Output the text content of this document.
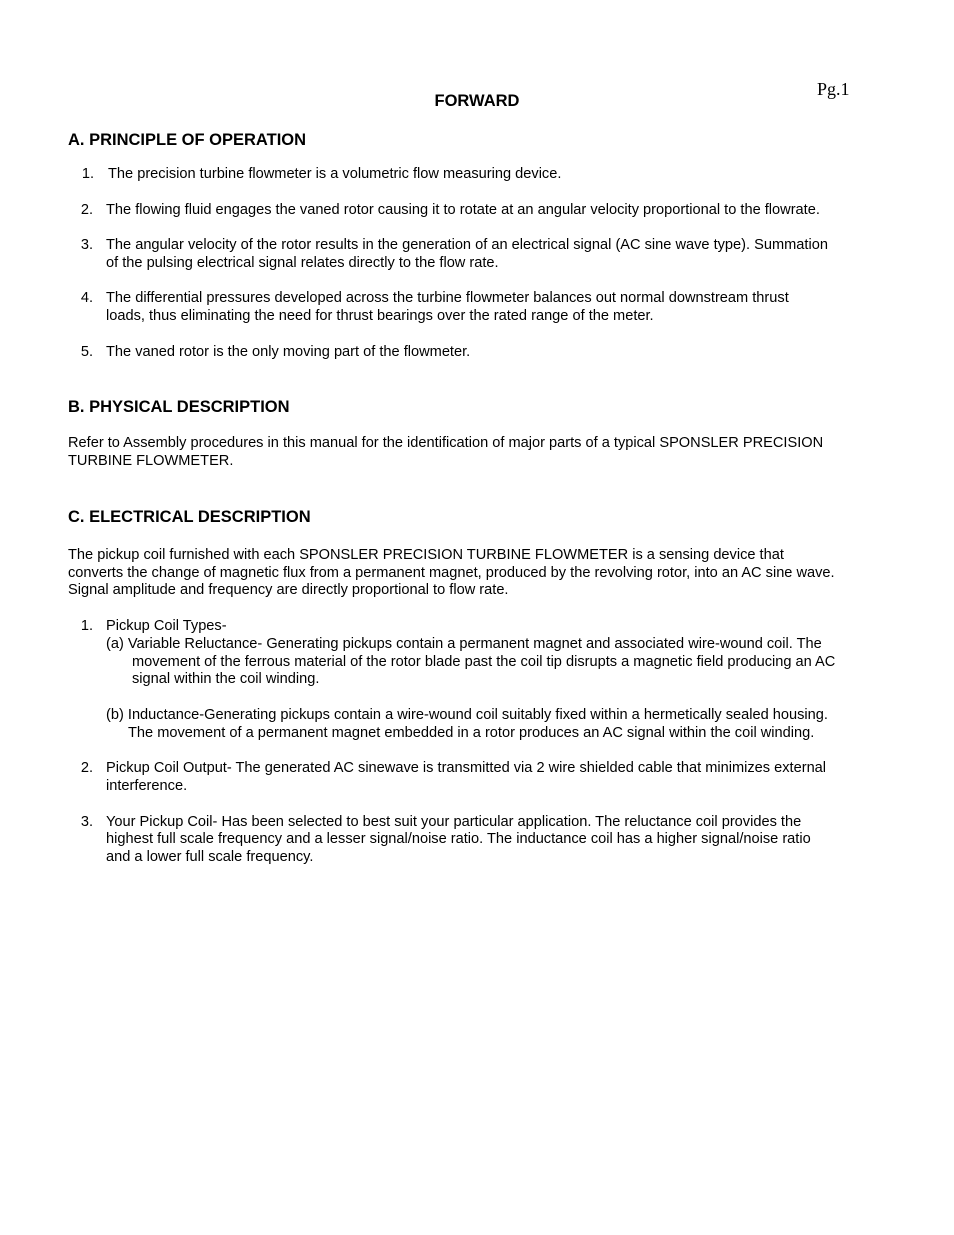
Pg.1
FORWARD
A. PRINCIPLE OF OPERATION
1. The precision turbine flowmeter is a volumetric flow measuring device.
2. The flowing fluid engages the vaned rotor causing it to rotate at an angular velocity proportional to the flowrate.
3. The angular velocity of the rotor results in the generation of an electrical signal (AC sine wave type). Summation
of the pulsing electrical signal relates directly to the flow rate.
4. The differential pressures developed across the turbine flowmeter balances out normal downstream thrust
loads, thus eliminating the need for thrust bearings over the rated range of the meter.
5. The vaned rotor is the only moving part of the flowmeter.
B. PHYSICAL DESCRIPTION
Refer to Assembly procedures in this manual for the identification of major parts of a typical SPONSLER PRECISION
TURBINE FLOWMETER.
C. ELECTRICAL DESCRIPTION
The pickup coil furnished with each SPONSLER PRECISION TURBINE FLOWMETER is a sensing device that
converts the change of magnetic flux from a permanent magnet, produced by the revolving rotor, into an AC sine wave.
Signal amplitude and frequency are directly proportional to flow rate.
1. Pickup Coil Types-
(a) Variable Reluctance- Generating pickups contain a permanent magnet and associated wire-wound coil. The
movement of the ferrous material of the rotor blade past the coil tip disrupts a magnetic field producing an AC
signal within the coil winding.
(b) Inductance-Generating pickups contain a wire-wound coil suitably fixed within a hermetically sealed housing.
The movement of a permanent magnet embedded in a rotor produces an AC signal within the coil winding.
2. Pickup Coil Output- The generated AC sinewave is transmitted via 2 wire shielded cable that minimizes external
interference.
3. Your Pickup Coil- Has been selected to best suit your particular application. The reluctance coil provides the
highest full scale frequency and a lesser signal/noise ratio. The inductance coil has a higher signal/noise ratio
and a lower full scale frequency.
